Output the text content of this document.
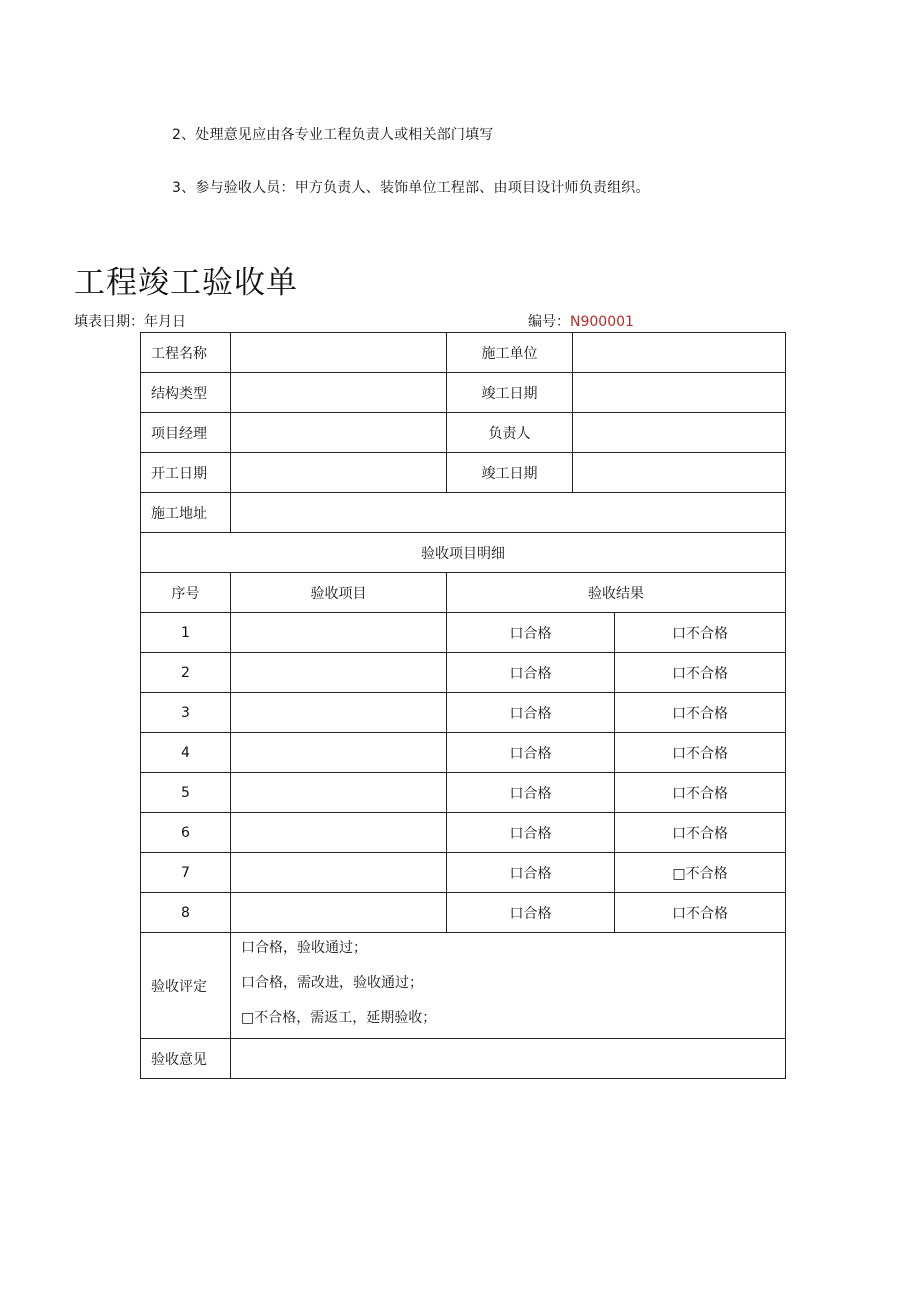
2、处理意见应由各专业工程负责人或相关部门填写
3、参与验收人员：甲方负责人、装饰单位工程部、由项目设计师负责组织。
工程竣工验收单
填表日期：年月日	编号：N900001
工程名称		施工单位		
结构类型		竣工日期		
项目经理		负责人		
开工日期		竣工日期		
施工地址				
验收项目明细				
序号	验收项目	验收结果		
1		口合格		口不合格
2		口合格		口不合格
3		口合格		口不合格
4		口合格		口不合格
5		口合格		口不合格
6		口合格		口不合格
7		口合格		□不合格
8		口合格		口不合格
验收评定	口合格，验收通过；
口合格，需改进，验收通过；
□不合格，需返工，延期验收；			

验收意见				
